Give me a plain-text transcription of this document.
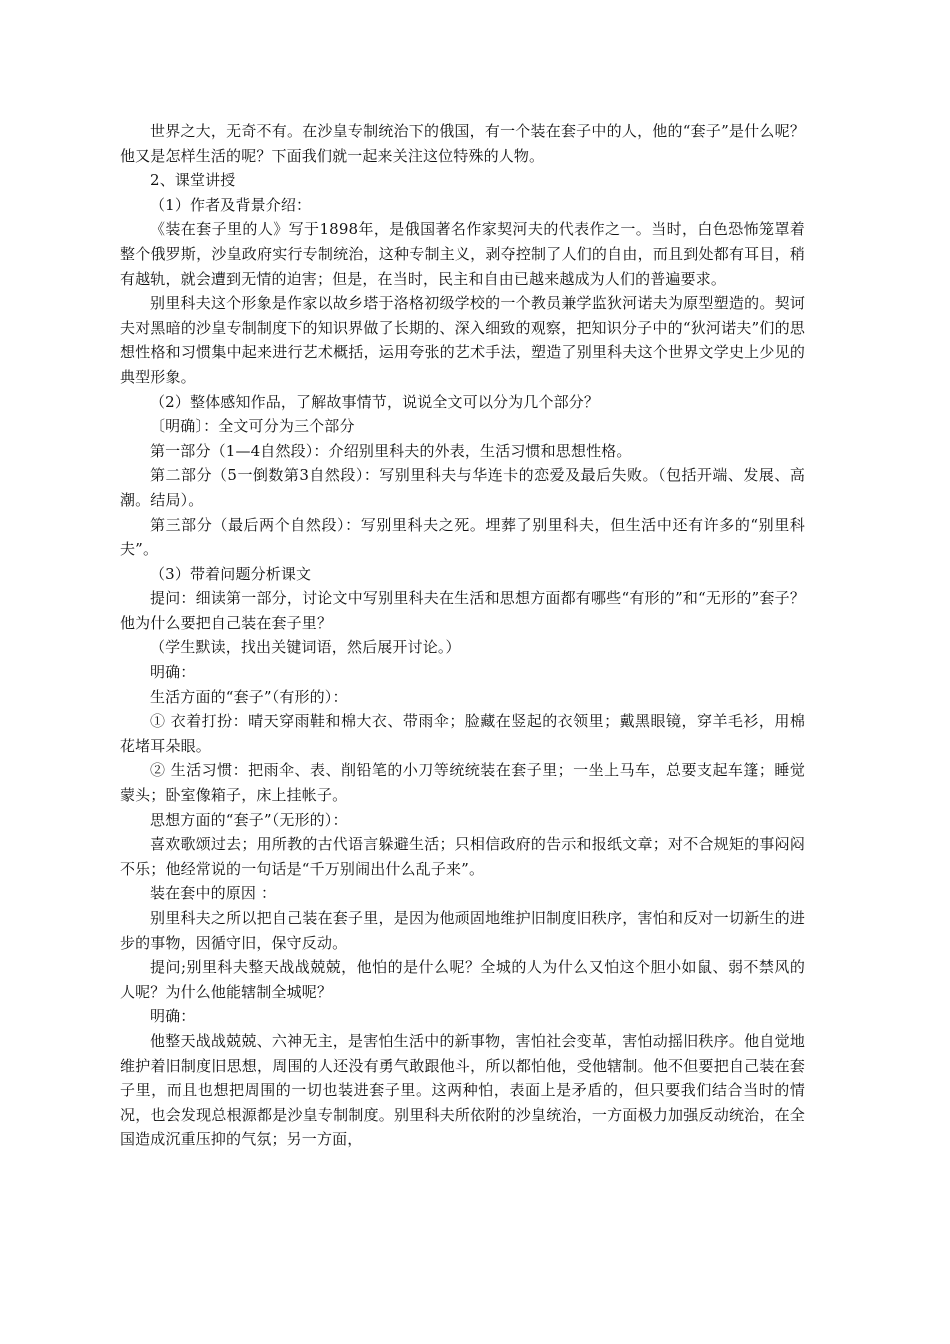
世界之大，无奇不有。在沙皇专制统治下的俄国，有一个装在套子中的人，他的“套子”是什么呢？他又是怎样生活的呢？下面我们就一起来关注这位特殊的人物。

2、课堂讲授

（1）作者及背景介绍：

《装在套子里的人》写于1898年，是俄国著名作家契河夫的代表作之一。当时，白色恐怖笼罩着整个俄罗斯，沙皇政府实行专制统治，这种专制主义，剥夺控制了人们的自由，而且到处都有耳目，稍有越轨，就会遭到无情的迫害；但是，在当时，民主和自由已越来越成为人们的普遍要求。

别里科夫这个形象是作家以故乡塔于洛格初级学校的一个教员兼学监狄河诺夫为原型塑造的。契诃夫对黑暗的沙皇专制制度下的知识界做了长期的、深入细致的观察，把知识分子中的“狄河诺夫”们的思想性格和习惯集中起来进行艺术概括，运用夸张的艺术手法，塑造了别里科夫这个世界文学史上少见的典型形象。

（2）整体感知作品，了解故事情节，说说全文可以分为几个部分？

〔明确〕：全文可分为三个部分

第一部分（1—4自然段）：介绍别里科夫的外表，生活习惯和思想性格。

第二部分（5一倒数第3自然段）：写别里科夫与华连卡的恋爱及最后失败。（包括开端、发展、高潮。结局）。

第三部分（最后两个自然段）：写别里科夫之死。埋葬了别里科夫，但生活中还有许多的“别里科夫”。

（3）带着问题分析课文

提问：细读第一部分，讨论文中写别里科夫在生活和思想方面都有哪些“有形的”和“无形的”套子？他为什么要把自己装在套子里？

（学生默读，找出关键词语，然后展开讨论。）

明确：

生活方面的“套子”（有形的）：

① 衣着打扮：晴天穿雨鞋和棉大衣、带雨伞；脸藏在竖起的衣领里；戴黑眼镜，穿羊毛衫，用棉花堵耳朵眼。

② 生活习惯：把雨伞、表、削铅笔的小刀等统统装在套子里；一坐上马车，总要支起车篷；睡觉蒙头；卧室像箱子，床上挂帐子。

思想方面的“套子”（无形的）：

喜欢歌颂过去；用所教的古代语言躲避生活；只相信政府的告示和报纸文章；对不合规矩的事闷闷不乐；他经常说的一句话是“千万别闹出什么乱子来”。

装在套中的原因 ：

别里科夫之所以把自己装在套子里，是因为他顽固地维护旧制度旧秩序，害怕和反对一切新生的进步的事物，因循守旧，保守反动。

提问;别里科夫整天战战兢兢，他怕的是什么呢？全城的人为什么又怕这个胆小如鼠、弱不禁风的人呢？为什么他能辖制全城呢？

明确：

他整天战战兢兢、六神无主，是害怕生活中的新事物，害怕社会变革，害怕动摇旧秩序。他自觉地维护着旧制度旧思想，周围的人还没有勇气敢跟他斗，所以都怕他，受他辖制。他不但要把自己装在套子里，而且也想把周围的一切也装进套子里。这两种怕，表面上是矛盾的，但只要我们结合当时的情况，也会发现总根源都是沙皇专制制度。别里科夫所依附的沙皇统治，一方面极力加强反动统治，在全国造成沉重压抑的气氛；另一方面，
